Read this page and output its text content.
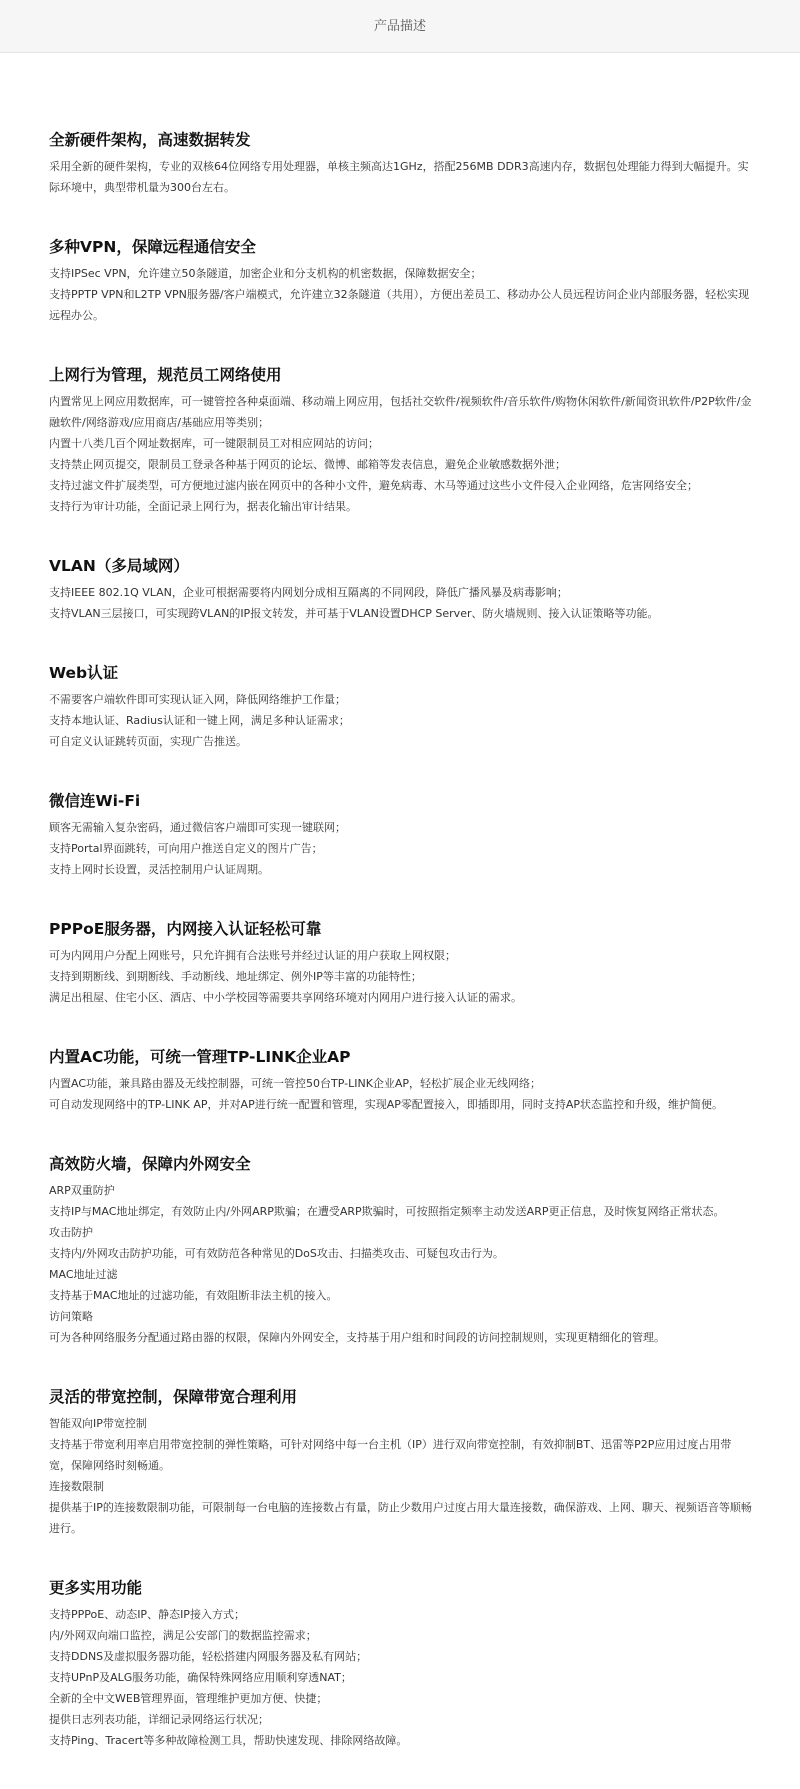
产品描述
全新硬件架构，高速数据转发

采用全新的硬件架构，专业的双核64位网络专用处理器，单核主频高达1GHz，搭配256MB DDR3高速内存，数据包处理能力得到大幅提升。实际环境中，典型带机量为300台左右。

多种VPN，保障远程通信安全

支持IPSec VPN，允许建立50条隧道，加密企业和分支机构的机密数据，保障数据安全；

支持PPTP VPN和L2TP VPN服务器/客户端模式，允许建立32条隧道（共用），方便出差员工、移动办公人员远程访问企业内部服务器，轻松实现远程办公。

上网行为管理，规范员工网络使用

内置常见上网应用数据库，可一键管控各种桌面端、移动端上网应用，包括社交软件/视频软件/音乐软件/购物休闲软件/新闻资讯软件/P2P软件/金融软件/网络游戏/应用商店/基础应用等类别；

内置十八类几百个网址数据库，可一键限制员工对相应网站的访问；

支持禁止网页提交，限制员工登录各种基于网页的论坛、微博、邮箱等发表信息，避免企业敏感数据外泄；

支持过滤文件扩展类型，可方便地过滤内嵌在网页中的各种小文件，避免病毒、木马等通过这些小文件侵入企业网络，危害网络安全；

支持行为审计功能，全面记录上网行为，据表化输出审计结果。

VLAN（多局域网）

支持IEEE 802.1Q VLAN，企业可根据需要将内网划分成相互隔离的不同网段，降低广播风暴及病毒影响；

支持VLAN三层接口，可实现跨VLAN的IP报文转发，并可基于VLAN设置DHCP Server、防火墙规则、接入认证策略等功能。

Web认证

不需要客户端软件即可实现认证入网，降低网络维护工作量；

支持本地认证、Radius认证和一键上网，满足多种认证需求；

可自定义认证跳转页面，实现广告推送。

微信连Wi-Fi

顾客无需输入复杂密码，通过微信客户端即可实现一键联网；

支持Portal界面跳转，可向用户推送自定义的图片广告；

支持上网时长设置，灵活控制用户认证周期。

PPPoE服务器，内网接入认证轻松可靠

可为内网用户分配上网账号，只允许拥有合法账号并经过认证的用户获取上网权限；

支持到期断线、到期断线、手动断线、地址绑定、例外IP等丰富的功能特性；

满足出租屋、住宅小区、酒店、中小学校园等需要共享网络环境对内网用户进行接入认证的需求。

内置AC功能，可统一管理TP-LINK企业AP

内置AC功能，兼具路由器及无线控制器，可统一管控50台TP-LINK企业AP，轻松扩展企业无线网络；

可自动发现网络中的TP-LINK AP，并对AP进行统一配置和管理，实现AP零配置接入，即插即用，同时支持AP状态监控和升级，维护简便。

高效防火墙，保障内外网安全

ARP双重防护

支持IP与MAC地址绑定，有效防止内/外网ARP欺骗；在遭受ARP欺骗时，可按照指定频率主动发送ARP更正信息，及时恢复网络正常状态。

攻击防护

支持内/外网攻击防护功能，可有效防范各种常见的DoS攻击、扫描类攻击、可疑包攻击行为。

MAC地址过滤

支持基于MAC地址的过滤功能，有效阻断非法主机的接入。

访问策略

可为各种网络服务分配通过路由器的权限，保障内外网安全，支持基于用户组和时间段的访问控制规则，实现更精细化的管理。

灵活的带宽控制，保障带宽合理利用

智能双向IP带宽控制

支持基于带宽利用率启用带宽控制的弹性策略，可针对网络中每一台主机（IP）进行双向带宽控制，有效抑制BT、迅雷等P2P应用过度占用带宽，保障网络时刻畅通。

连接数限制

提供基于IP的连接数限制功能，可限制每一台电脑的连接数占有量，防止少数用户过度占用大量连接数，确保游戏、上网、聊天、视频语音等顺畅进行。

更多实用功能

支持PPPoE、动态IP、静态IP接入方式；

内/外网双向端口监控，满足公安部门的数据监控需求；

支持DDNS及虚拟服务器功能，轻松搭建内网服务器及私有网站；

支持UPnP及ALG服务功能，确保特殊网络应用顺利穿透NAT；

全新的全中文WEB管理界面，管理维护更加方便、快捷；

提供日志列表功能，详细记录网络运行状况；

支持Ping、Tracert等多种故障检测工具，帮助快速发现、排除网络故障。
